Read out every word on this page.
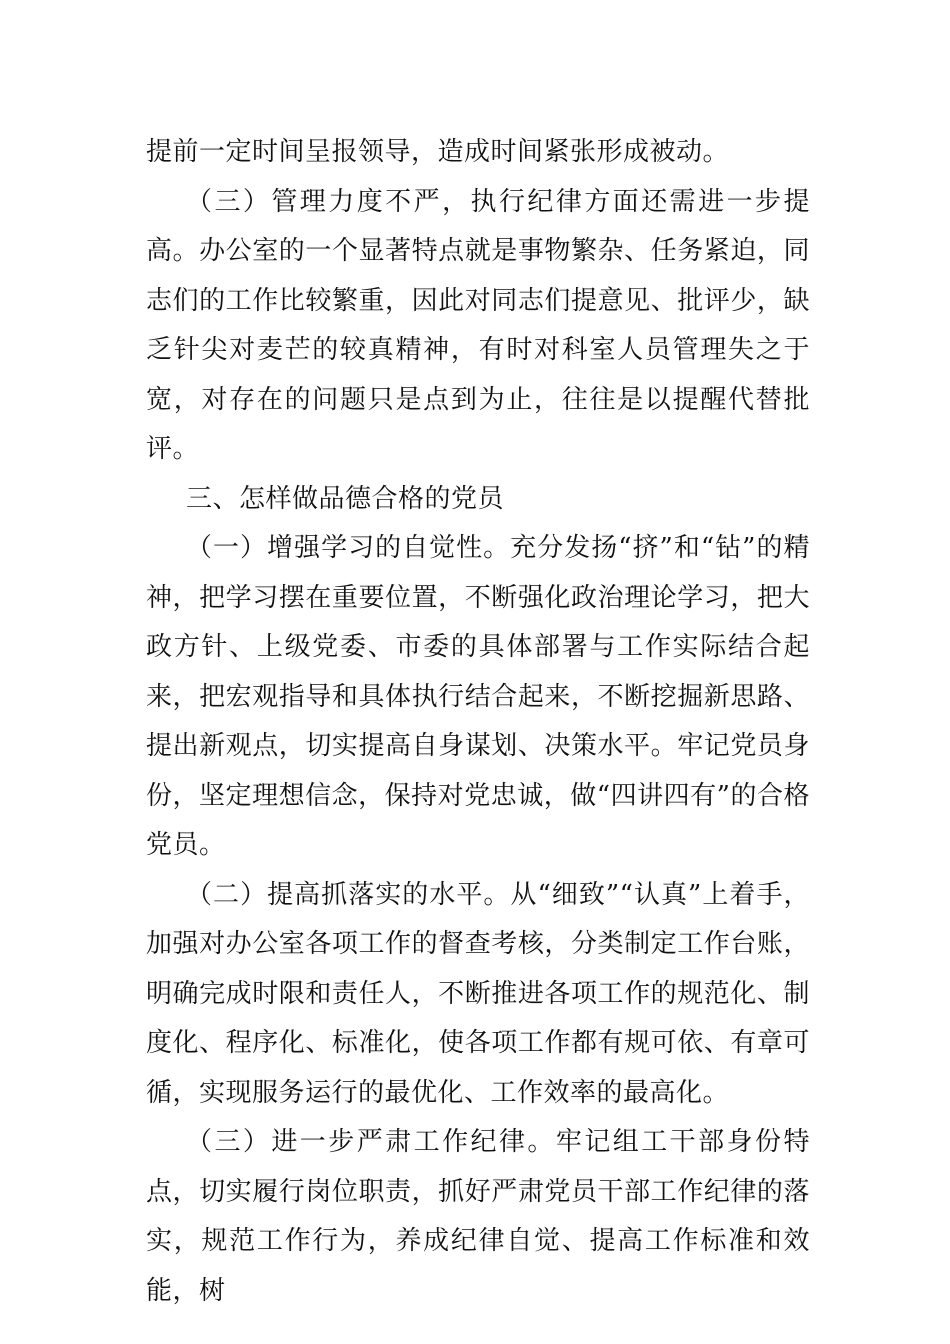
提前一定时间呈报领导，造成时间紧张形成被动。

（三）管理力度不严，执行纪律方面还需进一步提高。办公室的一个显著特点就是事物繁杂、任务紧迫，同志们的工作比较繁重，因此对同志们提意见、批评少，缺乏针尖对麦芒的较真精神，有时对科室人员管理失之于宽，对存在的问题只是点到为止，往往是以提醒代替批评。

三、怎样做品德合格的党员

（一）增强学习的自觉性。充分发扬“挤”和“钻”的精神，把学习摆在重要位置，不断强化政治理论学习，把大政方针、上级党委、市委的具体部署与工作实际结合起来，把宏观指导和具体执行结合起来，不断挖掘新思路、提出新观点，切实提高自身谋划、决策水平。牢记党员身份，坚定理想信念，保持对党忠诚，做“四讲四有”的合格党员。

（二）提高抓落实的水平。从“细致”“认真”上着手，加强对办公室各项工作的督查考核，分类制定工作台账，明确完成时限和责任人，不断推进各项工作的规范化、制度化、程序化、标准化，使各项工作都有规可依、有章可循，实现服务运行的最优化、工作效率的最高化。

（三）进一步严肃工作纪律。牢记组工干部身份特点，切实履行岗位职责，抓好严肃党员干部工作纪律的落实，规范工作行为，养成纪律自觉、提高工作标准和效能，树
